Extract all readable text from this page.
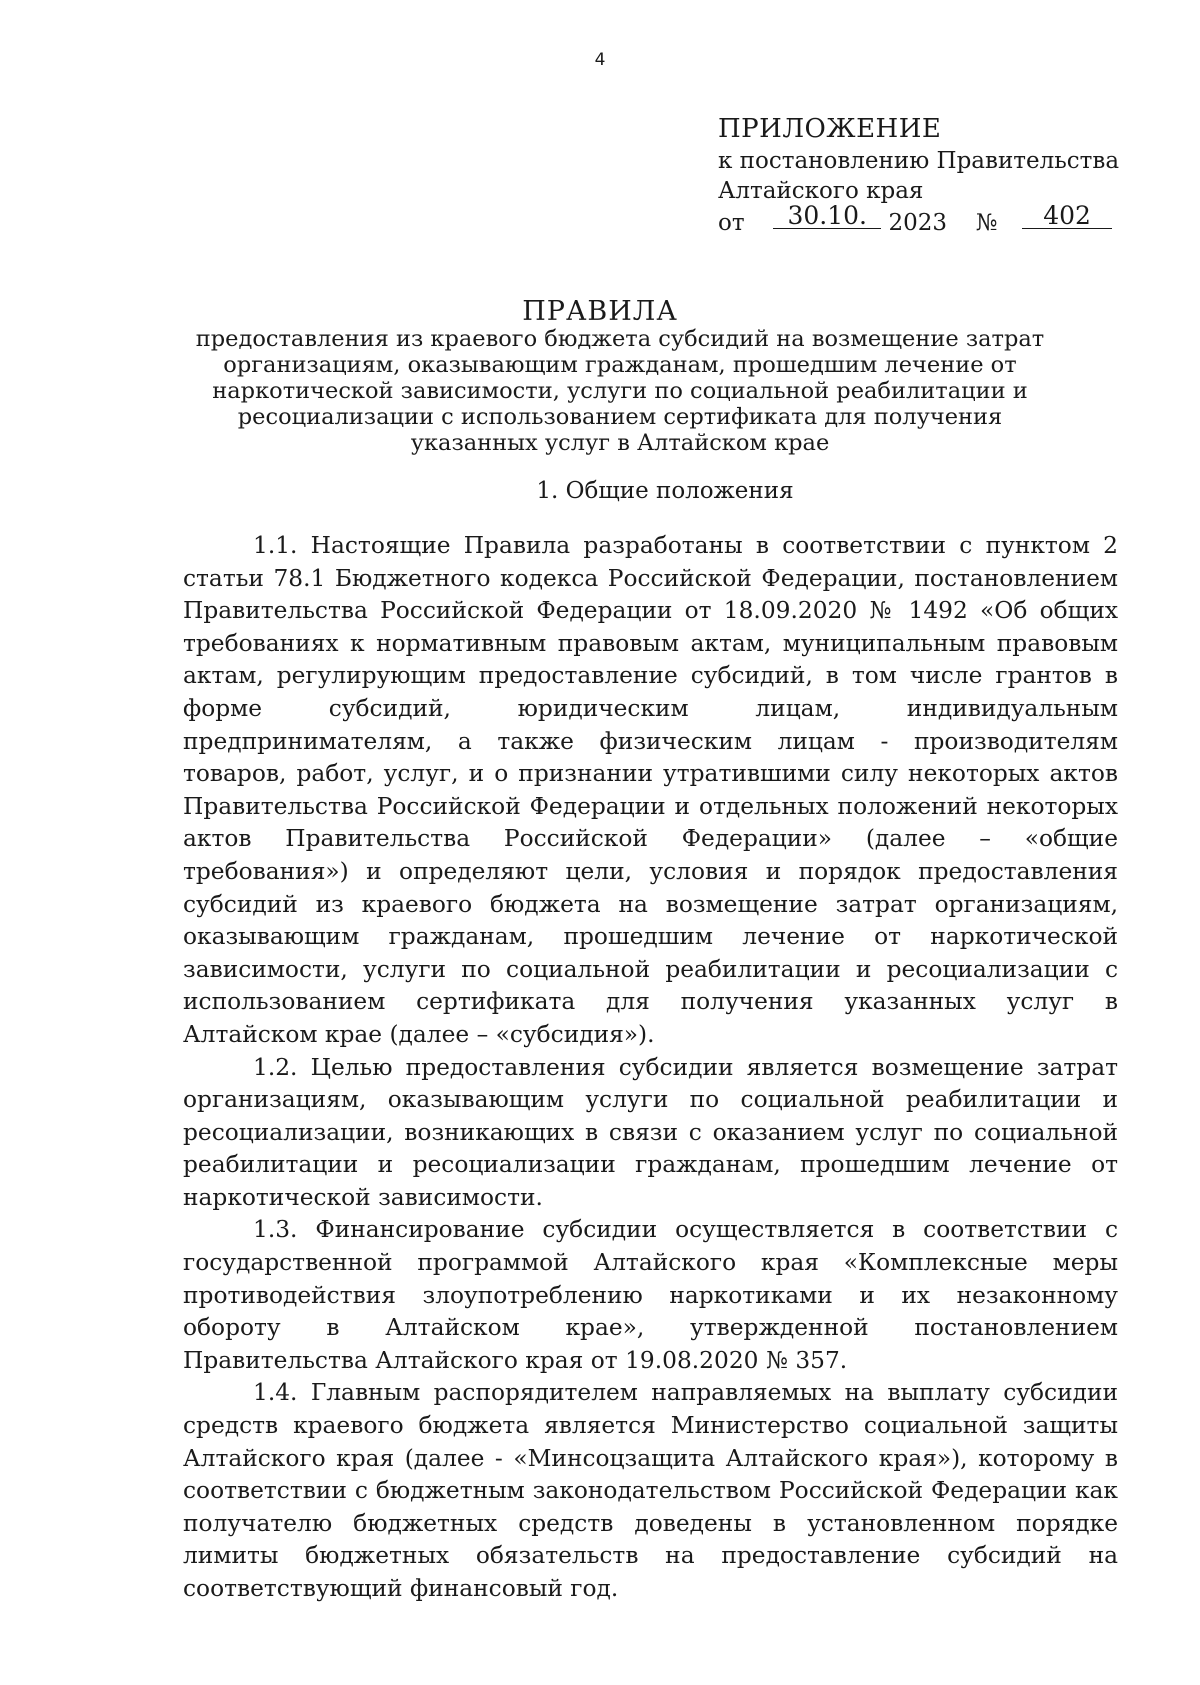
4
ПРИЛОЖЕНИЕ
к постановлению Правительства
Алтайского края
от 30.10. 2023 № 402
ПРАВИЛА
предоставления из краевого бюджета субсидий на возмещение затрат организациям, оказывающим гражданам, прошедшим лечение от наркотической зависимости, услуги по социальной реабилитации и ресоциализации с использованием сертификата для получения указанных услуг в Алтайском крае
1. Общие положения

1.1. Настоящие Правила разработаны в соответствии с пунктом 2 статьи 78.1 Бюджетного кодекса Российской Федерации, постановлением Правительства Российской Федерации от 18.09.2020 № 1492 «Об общих требованиях к нормативным правовым актам, муниципальным правовым актам, регулирующим предоставление субсидий, в том числе грантов в форме субсидий, юридическим лицам, индивидуальным предпринимателям, а также физическим лицам - производителям товаров, работ, услуг, и о признании утратившими силу некоторых актов Правительства Российской Федерации и отдельных положений некоторых актов Правительства Российской Федерации» (далее – «общие требования») и определяют цели, условия и порядок предоставления субсидий из краевого бюджета на возмещение затрат организациям, оказывающим гражданам, прошедшим лечение от наркотической зависимости, услуги по социальной реабилитации и ресоциализации с использованием сертификата для получения указанных услуг в Алтайском крае (далее – «субсидия»).

1.2. Целью предоставления субсидии является возмещение затрат организациям, оказывающим услуги по социальной реабилитации и ресоциализации, возникающих в связи с оказанием услуг по социальной реабилитации и ресоциализации гражданам, прошедшим лечение от наркотической зависимости.

1.3. Финансирование субсидии осуществляется в соответствии с государственной программой Алтайского края «Комплексные меры противодействия злоупотреблению наркотиками и их незаконному обороту в Алтайском крае», утвержденной постановлением Правительства Алтайского края от 19.08.2020 № 357.

1.4. Главным распорядителем направляемых на выплату субсидии средств краевого бюджета является Министерство социальной защиты Алтайского края (далее - «Минсоцзащита Алтайского края»), которому в соответствии с бюджетным законодательством Российской Федерации как получателю бюджетных средств доведены в установленном порядке лимиты бюджетных обязательств на предоставление субсидий на соответствующий финансовый год.
